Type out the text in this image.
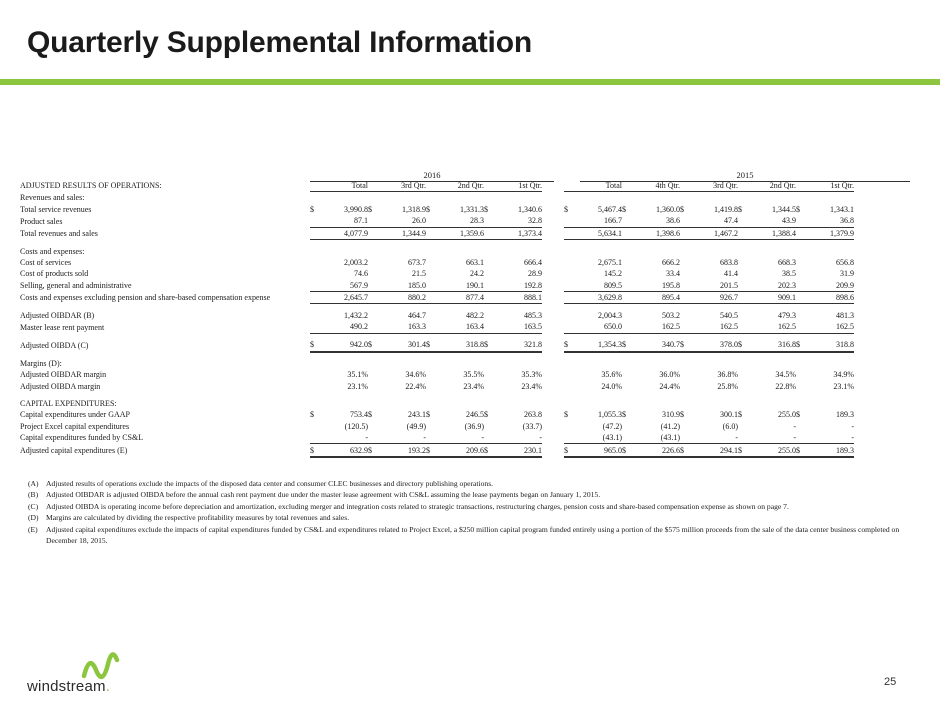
Quarterly Supplemental Information
2016	2015
ADJUSTED RESULTS OF OPERATIONS:	Total		3rd Qtr.		2nd Qtr.		1st Qtr.			Total		4th Qtr.		3rd Qtr.		2nd Qtr.		1st Qtr.	
Revenues and sales:																			
Total service revenues	$	3,990.8	$	1,318.9	$	1,331.3	$	1,340.6		$	5,467.4	$	1,360.0	$	1,419.8	$	1,344.5	$	1,343.1
Product sales		87.1		26.0		28.3		32.8			166.7		38.6		47.4		43.9		36.8
Total revenues and sales		4,077.9		1,344.9		1,359.6		1,373.4			5,634.1		1,398.6		1,467.2		1,388.4		1,379.9

Costs and expenses:																			
Cost of services		2,003.2		673.7		663.1		666.4			2,675.1		666.2		683.8		668.3		656.8
Cost of products sold		74.6		21.5		24.2		28.9			145.2		33.4		41.4		38.5		31.9
Selling, general and administrative		567.9		185.0		190.1		192.8			809.5		195.8		201.5		202.3		209.9
Costs and expenses excluding pension and share-based compensation expense		2,645.7		880.2		877.4		888.1			3,629.8		895.4		926.7		909.1		898.6

Adjusted OIBDAR (B)		1,432.2		464.7		482.2		485.3			2,004.3		503.2		540.5		479.3		481.3
Master lease rent payment		490.2		163.3		163.4		163.5			650.0		162.5		162.5		162.5		162.5

Adjusted OIBDA (C)	$	942.0	$	301.4	$	318.8	$	321.8		$	1,354.3	$	340.7	$	378.0	$	316.8	$	318.8

Margins (D):																			
Adjusted OIBDAR margin		35.1%		34.6%		35.5%		35.3%			35.6%		36.0%		36.8%		34.5%		34.9%
Adjusted OIBDA margin		23.1%		22.4%		23.4%		23.4%			24.0%		24.4%		25.8%		22.8%		23.1%

CAPITAL EXPENDITURES:																			
Capital expenditures under GAAP	$	753.4	$	243.1	$	246.5	$	263.8		$	1,055.3	$	310.9	$	300.1	$	255.0	$	189.3
Project Excel capital expenditures		(120.5)		(49.9)		(36.9)		(33.7)			(47.2)		(41.2)		(6.0)		-		-
Capital expenditures funded by CS&L		-		-		-		-			(43.1)		(43.1)		-		-		-
Adjusted capital expenditures (E)	$	632.9	$	193.2	$	209.6	$	230.1		$	965.0	$	226.6	$	294.1	$	255.0	$	189.3
(A) Adjusted results of operations exclude the impacts of the disposed data center and consumer CLEC businesses and directory publishing operations.
(B)	Adjusted OIBDAR is adjusted OIBDA before the annual cash rent payment due under the master lease agreement with CS&L assuming the lease payments began on January 1, 2015.
(C)	Adjusted OIBDA is operating income before depreciation and amortization, excluding merger and integration costs related to strategic transactions, restructuring charges, pension costs and share-based compensation expense as shown on page 7.
(D) Margins are calculated by dividing the respective profitability measures by total revenues and sales.
(E)	Adjusted capital expenditures exclude the impacts of capital expenditures funded by CS&L and expenditures related to Project Excel, a $250 million capital program funded entirely using a portion of the $575 million proceeds from the sale of the data center business completed on December 18, 2015.
windstream.	25
